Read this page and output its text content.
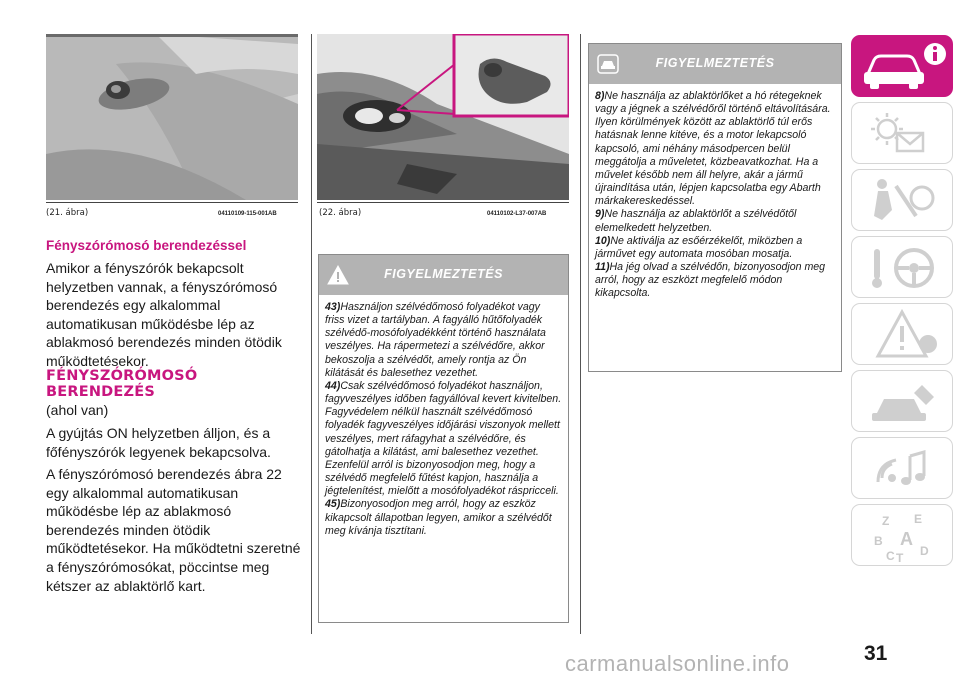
(21. ábra)	04110109-115-001AB
Fényszórómosó berendezéssel

Amikor a fényszórók bekapcsolt helyzetben vannak, a fényszórómosó berendezés egy alkalommal automatikusan működésbe lép az ablakmosó berendezés minden ötödik működtetésekor.

FÉNYSZÓRÓMOSÓ BERENDEZÉS

(ahol van)

A gyújtás ON helyzetben álljon, és a főfényszórók legyenek bekapcsolva.

A fényszórómosó berendezés ábra 22 egy alkalommal automatikusan működésbe lép az ablakmosó berendezés minden ötödik működtetésekor. Ha működtetni szeretné a fényszórómosókat, pöccintse meg kétszer az ablaktörlő kart.

(22. ábra)	04110102-L37-007AB
FIGYELMEZTETÉS

43)Használjon szélvédőmosó folyadékot vagy friss vizet a tartályban. A fagyálló hűtőfolyadék szélvédő-mosófolyadékként történő használata veszélyes. Ha rápermetezi a szélvédőre, akkor bekoszolja a szélvédőt, amely rontja az Ön kilátását és balesethez vezethet.

44)Csak szélvédőmosó folyadékot használjon, fagyveszélyes időben fagyállóval kevert kivitelben. Fagyvédelem nélkül használt szélvédőmosó folyadék fagyveszélyes időjárási viszonyok mellett veszélyes, mert ráfagyhat a szélvédőre, és gátolhatja a kilátást, ami balesethez vezethet. Ezenfelül arról is bizonyosodjon meg, hogy a szélvédő megfelelő fűtést kapjon, használja a jégtelenítést, mielőtt a mosófolyadékot ráspricceli.

45)Bizonyosodjon meg arról, hogy az eszköz kikapcsolt állapotban legyen, amikor a szélvédőt meg kívánja tisztítani.

FIGYELMEZTETÉS

8)Ne használja az ablaktörlőket a hó rétegeknek vagy a jégnek a szélvédőről történő eltávolítására. Ilyen körülmények között az ablaktörlő túl erős hatásnak lenne kitéve, és a motor lekapcsoló kapcsoló, ami néhány másodpercen belül meggátolja a műveletet, közbeavatkozhat. Ha a művelet később nem áll helyre, akár a jármű újraindítása után, lépjen kapcsolatba egy Abarth márkakereskedéssel.

9)Ne használja az ablaktörlőt a szélvédőtől elemelkedett helyzetben.

10)Ne aktiválja az esőérzékelőt, miközben a járművet egy automata mosóban mosatja.

11)Ha jég olvad a szélvédőn, bizonyosodjon meg arról, hogy az eszközt megfelelő módon kikapcsolta.

Z E
B A
C T D
31
carmanualsonline.info
